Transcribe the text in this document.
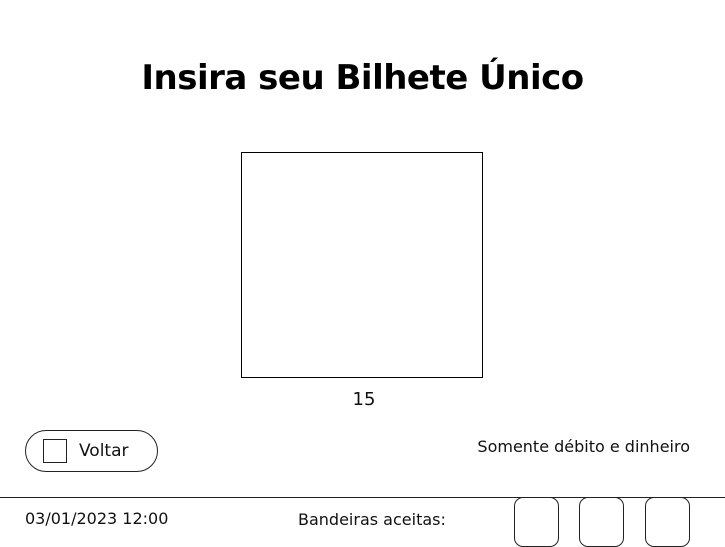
Insira seu Bilhete Único
15
Voltar	Somente débito e dinheiro
03/01/2023 12:00	Bandeiras aceitas:
